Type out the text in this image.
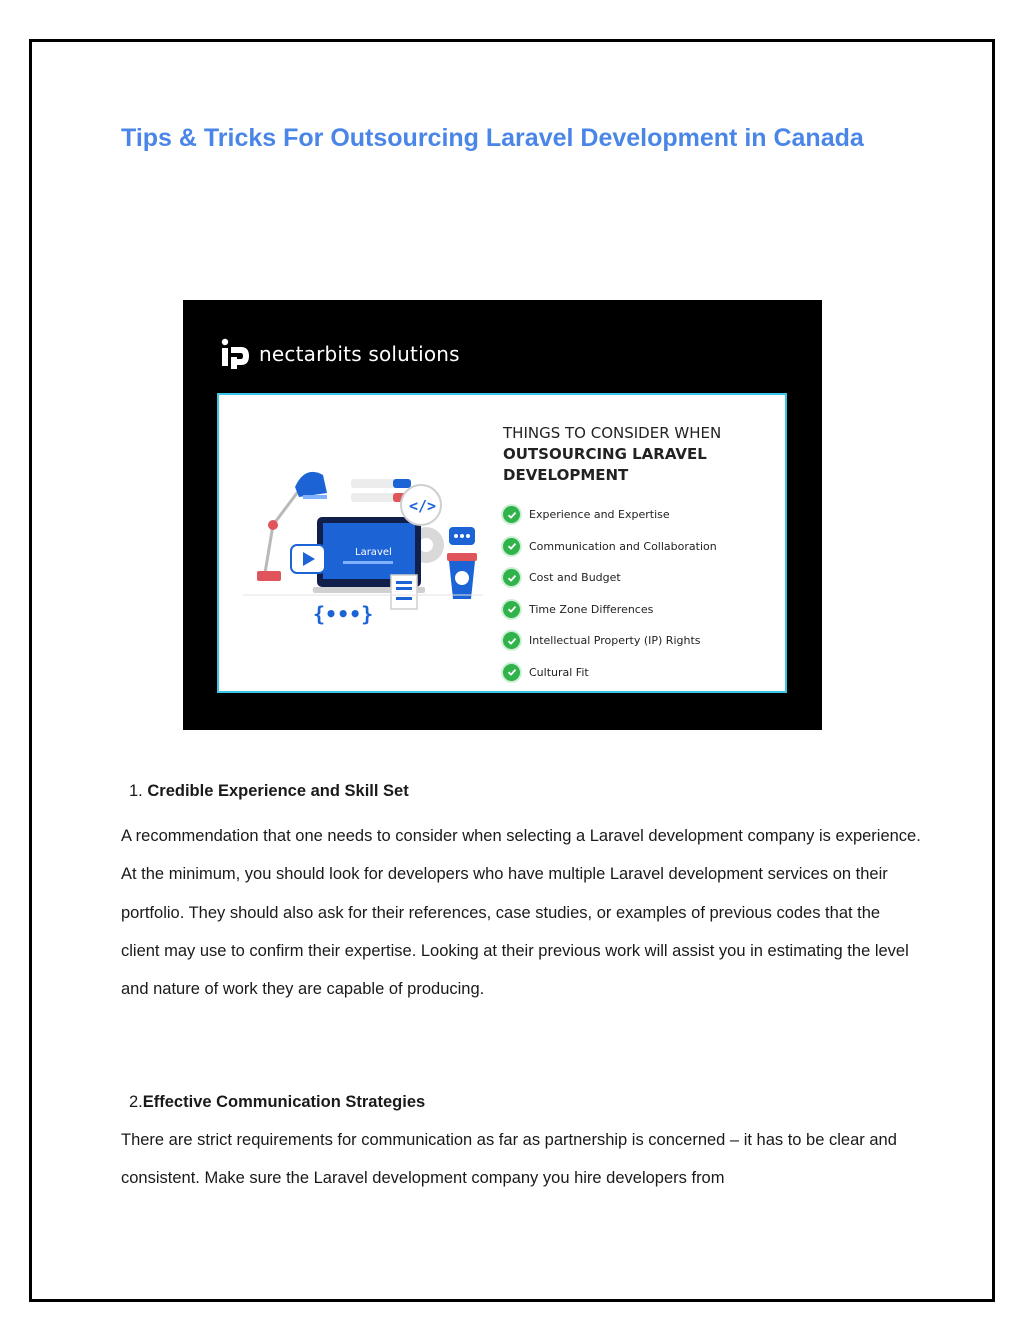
Tips & Tricks For Outsourcing Laravel Development in Canada
nectarbits solutions
Laravel
</>
{•••}
THINGS TO CONSIDER WHEN
OUTSOURCING LARAVEL
DEVELOPMENT
Experience and Expertise
Communication and Collaboration
Cost and Budget
Time Zone Differences
Intellectual Property (IP) Rights
Cultural Fit
1. Credible Experience and Skill Set

A recommendation that one needs to consider when selecting a Laravel development company is experience. At the minimum, you should look for developers who have multiple Laravel development services on their portfolio. They should also ask for their references, case studies, or examples of previous codes that the client may use to confirm their expertise. Looking at their previous work will assist you in estimating the level and nature of work they are capable of producing.

2.Effective Communication Strategies

There are strict requirements for communication as far as partnership is concerned – it has to be clear and consistent. Make sure the Laravel development company you hire developers from
